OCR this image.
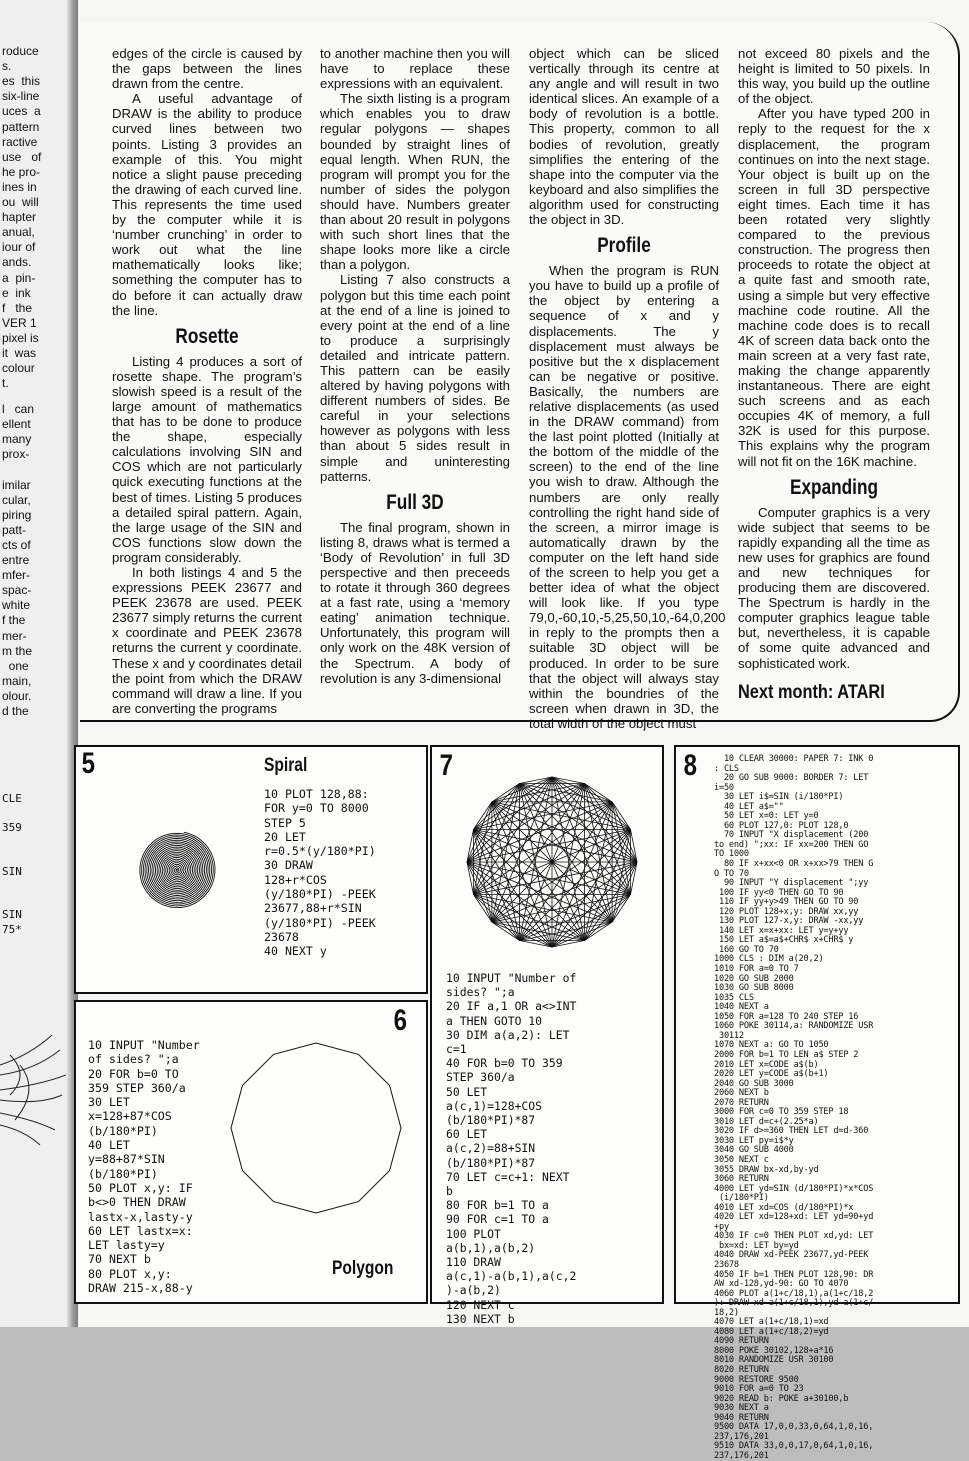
roduce
s.
es  this
six-line
uces  a
pattern
ractive
use   of
he pro-
ines in
ou  will
hapter
anual,
iour of
ands.
a  pin-
e  ink
f   the
VER 1
pixel is
it  was
colour
t.
l   can
ellent
many
prox-
imilar
cular,
piring
patt-
cts of
entre
mfer-
spac-
white
f the
mer-
m the
one
main,
olour.
d the
CLE
359
SIN
SIN
75*

edges of the circle is caused by the gaps between the lines drawn from the centre.

A useful advantage of DRAW is the ability to produce curved lines between two points. Listing 3 provides an example of this. You might notice a slight pause preceding the drawing of each curved line. This represents the time used by the computer while it is ‘number crunching’ in order to work out what the line mathematically looks like; something the computer has to do before it can actually draw the line.

Rosette

Listing 4 produces a sort of rosette shape. The program’s slowish speed is a result of the large amount of mathematics that has to be done to produce the shape, especially calculations involving SIN and COS which are not particularly quick executing functions at the best of times. Listing 5 produces a detailed spiral pattern. Again, the large usage of the SIN and COS functions slow down the program considerably.

In both listings 4 and 5 the expressions PEEK 23677 and PEEK 23678 are used. PEEK 23677 simply returns the current x coordinate and PEEK 23678 returns the current y coordinate. These x and y coordinates detail the point from which the DRAW command will draw a line. If you are converting the programs

to another machine then you will have to replace these expressions with an equivalent.

The sixth listing is a program which enables you to draw regular polygons — shapes bounded by straight lines of equal length. When RUN, the program will prompt you for the number of sides the polygon should have. Numbers greater than about 20 result in polygons with such short lines that the shape looks more like a circle than a polygon.

Listing 7 also constructs a polygon but this time each point at the end of a line is joined to every point at the end of a line to produce a surprisingly detailed and intricate pattern. This pattern can be easily altered by having polygons with different numbers of sides. Be careful in your selections however as polygons with less than about 5 sides result in simple and uninteresting patterns.

Full 3D

The final program, shown in listing 8, draws what is termed a ‘Body of Revolution’ in full 3D perspective and then preceeds to rotate it through 360 degrees at a fast rate, using a ‘memory eating’ animation technique. Unfortunately, this program will only work on the 48K version of the Spectrum. A body of revolution is any 3-dimensional

object which can be sliced vertically through its centre at any angle and will result in two identical slices. An example of a body of revolution is a bottle. This property, common to all bodies of revolution, greatly simplifies the entering of the shape into the computer via the keyboard and also simplifies the algorithm used for constructing the object in 3D.

Profile

When the program is RUN you have to build up a profile of the object by entering a sequence of x and y displacements. The y displacement must always be positive but the x displacement can be negative or positive. Basically, the numbers are relative displacements (as used in the DRAW command) from the last point plotted (Initially at the bottom of the middle of the screen) to the end of the line you wish to draw. Although the numbers are only really controlling the right hand side of the screen, a mirror image is automatically drawn by the computer on the left hand side of the screen to help you get a better idea of what the object will look like. If you type 79,0,-60,10,-5,25,50,10,-64,0,200 in reply to the prompts then a suitable 3D object will be produced. In order to be sure that the object will always stay within the boundries of the screen when drawn in 3D, the total width of the object must

not exceed 80 pixels and the height is limited to 50 pixels. In this way, you build up the outline of the object.

After you have typed 200 in reply to the request for the x displacement, the program continues on into the next stage. Your object is built up on the screen in full 3D perspective eight times. Each time it has been rotated very slightly compared to the previous construction. The progress then proceeds to rotate the object at a quite fast and smooth rate, using a simple but very effective machine code routine. All the machine code does is to recall 4K of screen data back onto the main screen at a very fast rate, making the change apparently instantaneous. There are eight such screens and as each occupies 4K of memory, a full 32K is used for this purpose. This explains why the program will not fit on the 16K machine.

Expanding

Computer graphics is a very wide subject that seems to be rapidly expanding all the time as new uses for graphics are found and new techniques for producing them are discovered. The Spectrum is hardly in the computer graphics league table but, nevertheless, it is capable of some quite advanced and sophisticated work.

Next month: ATARI
5	Spiral
10 PLOT 128,88:
FOR y=0 TO 8000
STEP 5
20 LET
r=0.5*(y/180*PI)
30 DRAW
128+r*COS
(y/180*PI) -PEEK
23677,88+r*SIN
(y/180*PI) -PEEK
23678
40 NEXT y
6
10 INPUT "Number
of sides? ";a
20 FOR b=0 TO
359 STEP 360/a
30 LET
x=128+87*COS
(b/180*PI)
40 LET
y=88+87*SIN
(b/180*PI)
50 PLOT x,y: IF
b<>0 THEN DRAW
lastx-x,lasty-y
60 LET lastx=x:
LET lasty=y
70 NEXT b
80 PLOT x,y:
DRAW 215-x,88-y
Polygon
7
10 INPUT "Number of
sides? ";a
20 IF a,1 OR a<>INT
a THEN GOTO 10
30 DIM a(a,2): LET
c=1
40 FOR b=0 TO 359
STEP 360/a
50 LET
a(c,1)=128+COS
(b/180*PI)*87
60 LET
a(c,2)=88+SIN
(b/180*PI)*87
70 LET c=c+1: NEXT
b
80 FOR b=1 TO a
90 FOR c=1 TO a
100 PLOT
a(b,1),a(b,2)
110 DRAW
a(c,1)-a(b,1),a(c,2
)-a(b,2)
120 NEXT c
130 NEXT b
8	10 CLEAR 30000: PAPER 7: INK 0
: CLS
20 GO SUB 9000: BORDER 7: LET
i=50
30 LET i$=SIN (i/180*PI)
40 LET a$=""
50 LET x=0: LET y=0
60 PLOT 127,0: PLOT 128,0
70 INPUT "X displacement (200
to end) ";xx: IF xx=200 THEN GO
TO 1000
80 IF x+xx<0 OR x+xx>79 THEN G
O TO 70
90 INPUT "Y displacement ";yy
100 IF yy<0 THEN GO TO 90
110 IF yy+y>49 THEN GO TO 90
120 PLOT 128+x,y: DRAW xx,yy
130 PLOT 127-x,y: DRAW -xx,yy
140 LET x=x+xx: LET y=y+yy
150 LET a$=a$+CHR$ x+CHR$ y
160 GO TO 70
1000 CLS : DIM a(20,2)
1010 FOR a=0 TO 7
1020 GO SUB 2000
1030 GO SUB 8000
1035 CLS
1040 NEXT a
1050 FOR a=128 TO 240 STEP 16
1060 POKE 30114,a: RANDOMIZE USR
30112
1070 NEXT a: GO TO 1050
2000 FOR b=1 TO LEN a$ STEP 2
2010 LET x=CODE a$(b)
2020 LET y=CODE a$(b+1)
2040 GO SUB 3000
2060 NEXT b
2070 RETURN
3000 FOR c=0 TO 359 STEP 18
3010 LET d=c+(2.25*a)
3020 IF d>=360 THEN LET d=d-360
3030 LET py=i$*y
3040 GO SUB 4000
3050 NEXT c
3055 DRAW bx-xd,by-yd
3060 RETURN
4000 LET yd=SIN (d/180*PI)*x*COS
(i/180*PI)
4010 LET xd=COS (d/180*PI)*x
4020 LET xd=128+xd: LET yd=90+yd
+py
4030 IF c=0 THEN PLOT xd,yd: LET
bx=xd: LET by=yd
4040 DRAW xd-PEEK 23677,yd-PEEK
23678
4050 IF b=1 THEN PLOT 128,90: DR
AW xd-128,yd-90: GO TO 4070
4060 PLOT a(1+c/18,1),a(1+c/18,2
): DRAW xd-a(1+c/18,1),yd-a(1+c/
18,2)
4070 LET a(1+c/18,1)=xd
4080 LET a(1+c/18,2)=yd
4090 RETURN
8000 POKE 30102,128+a*16
8010 RANDOMIZE USR 30100
8020 RETURN
9000 RESTORE 9500
9010 FOR a=0 TO 23
9020 READ b: POKE a+30100,b
9030 NEXT a
9040 RETURN
9500 DATA 17,0,0,33,0,64,1,0,16,
237,176,201
9510 DATA 33,0,0,17,0,64,1,0,16,
237,176,201
